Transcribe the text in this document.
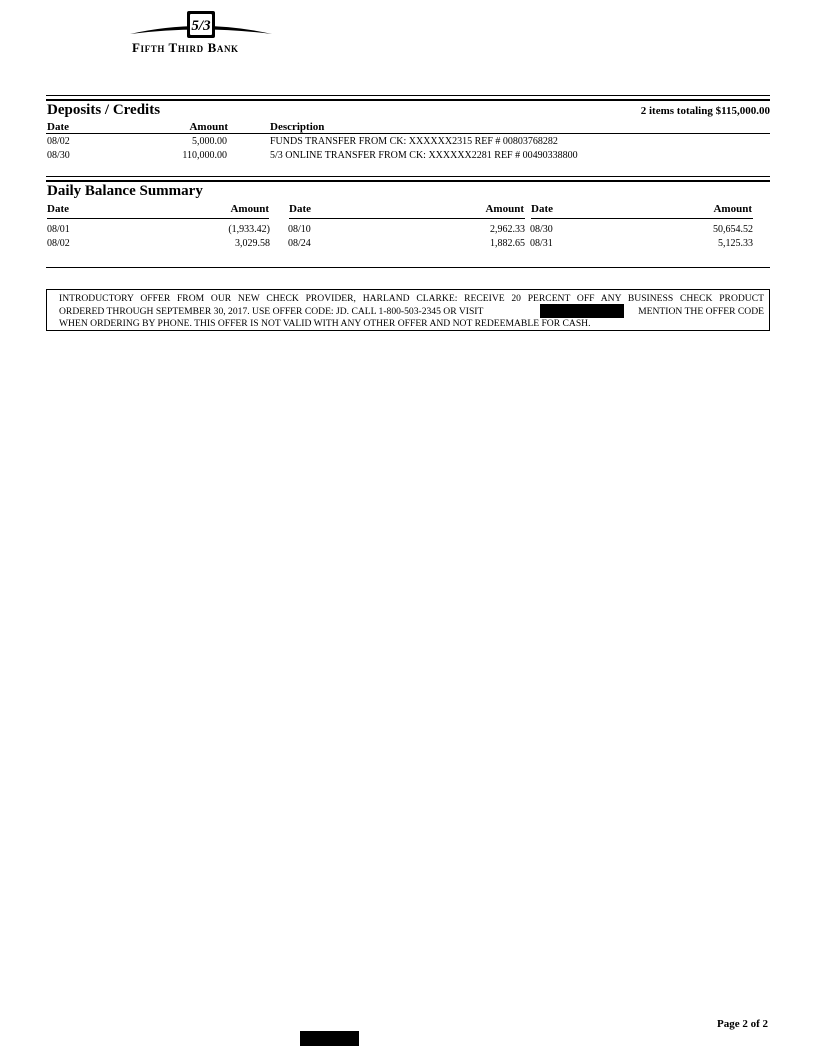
5/3
Fifth Third Bank
Deposits / Credits	2 items totaling $115,000.00
Date	Amount	Description
08/02	5,000.00	FUNDS TRANSFER FROM CK: XXXXXX2315 REF # 00803768282
08/30	110,000.00	5/3 ONLINE TRANSFER FROM CK: XXXXXX2281 REF # 00490338800
Daily Balance Summary
Date	Amount
08/01	(1,933.42)
08/02	3,029.58
Date	Amount
08/10	2,962.33
08/24	1,882.65
Date	Amount
08/30	50,654.52
08/31	5,125.33
INTRODUCTORY OFFER FROM OUR NEW CHECK PROVIDER, HARLAND CLARKE: RECEIVE 20 PERCENT OFF ANY BUSINESS CHECK PRODUCT
ORDERED THROUGH SEPTEMBER 30, 2017. USE OFFER CODE: JD. CALL 1-800-503-2345 OR VISIT	MENTION THE OFFER CODE
WHEN ORDERING BY PHONE. THIS OFFER IS NOT VALID WITH ANY OTHER OFFER AND NOT REDEEMABLE FOR CASH.
Page 2 of 2
